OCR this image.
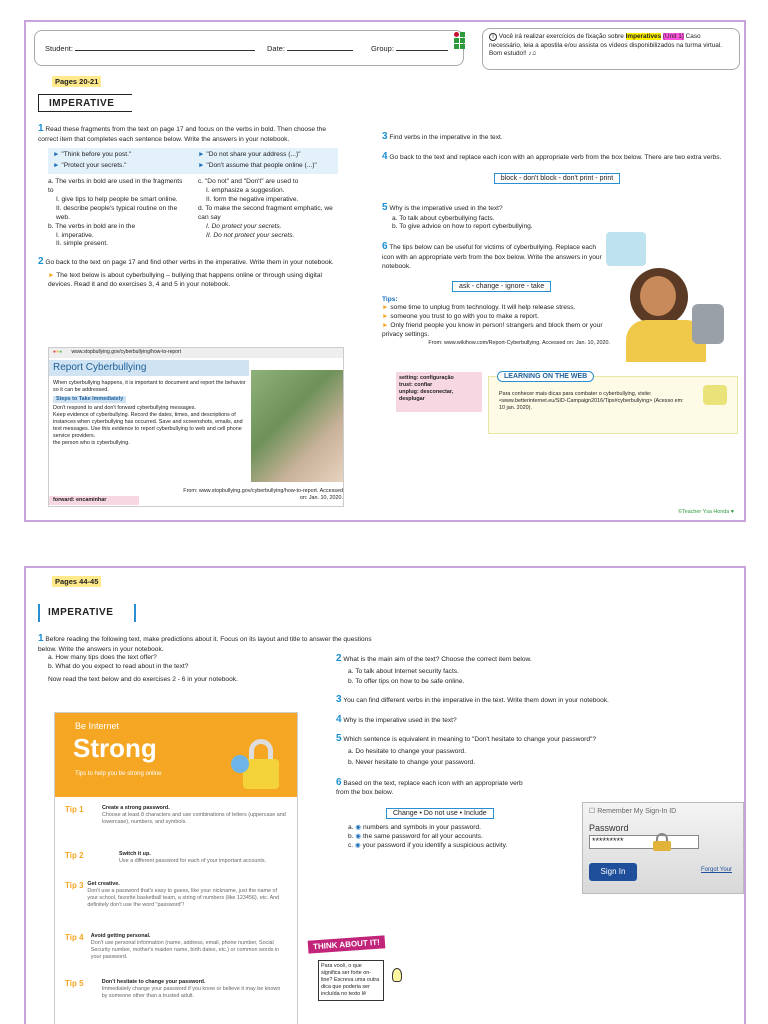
Student:	Date:	Group:
i Você irá realizar exercícios de fixação sobre Imperatives (Unit 1) Caso necessário, leia a apostila e/ou assista os vídeos disponibilizados na turma virtual. Bom estudo!! ♪♫
Pages 20-21
IMPERATIVE
1 Read these fragments from the text on page 17 and focus on the verbs in bold. Then choose the correct item that completes each sentence below. Write the answers in your notebook.
► "Think before you post."	► "Do not share your address (...)"
► "Protect your secrets."	► "Don't assume that people online (...)"
a. The verbs in bold are used in the fragments to
I. give tips to help people be smart online.
II. describe people's typical routine on the web.
b. The verbs in bold are in the
I. imperative.
II. simple present.
c. "Do not" and "Don't" are used to
I. emphasize a suggestion.
II. form the negative imperative.
d. To make the second fragment emphatic, we can say
I. Do protect your secrets.
II. Do not protect your secrets.
2 Go back to the text on page 17 and find other verbs in the imperative. Write them in your notebook.
► The text below is about cyberbullying – bullying that happens online or through using digital devices. Read it and do exercises 3, 4 and 5 in your notebook.
●●● www.stopbullying.gov/cyberbullying/how-to-report
Report Cyberbullying
When cyberbullying happens, it is important to document and report the behavior so it can be addressed.
Steps to Take Immediately
Don't respond to and don't forward cyberbullying messages.
Keep evidence of cyberbullying. Record the dates, times, and descriptions of instances when cyberbullying has occurred. Save and screenshots, emails, and text messages. Use this evidence to report cyberbullying to web and cell phone service providers.
the person who is cyberbullying.
From: www.stopbullying.gov/cyberbullying/how-to-report. Accessed on: Jan. 10, 2020.
forward: encaminhar
3 Find verbs in the imperative in the text.
4 Go back to the text and replace each icon with an appropriate verb from the box below. There are two extra verbs.
block - don't block - don't print - print
5 Why is the imperative used in the text?
a. To talk about cyberbullying facts.
b. To give advice on how to report cyberbullying.
6 The tips below can be useful for victims of cyberbullying. Replace each icon with an appropriate verb from the box below. Write the answers in your notebook.
ask - change - ignore - take
Tips:
► some time to unplug from technology. It will help release stress.
► someone you trust to go with you to make a report.
► Only friend people you know in person! strangers and block them or your privacy settings.
From: www.wikihow.com/Report-Cyberbullying. Accessed on: Jan. 10, 2020.
setting: configuração
trust: confiar
unplug: desconectar, desplugar
LEARNING ON THE WEB
Para conhecer mais dicas para combater o cyberbullying, visite: <www.betterinternet.eu/SID-Campaign2016/Tips#cyberbullying> (Acesso em: 10 jan. 2020).
©Teacher Ysa Honda ♥
Pages 44-45
IMPERATIVE
1 Before reading the following text, make predictions about it. Focus on its layout and title to answer the questions below. Write the answers in your notebook.
a. How many tips does the text offer?
b. What do you expect to read about in the text?
Now read the text below and do exercises 2 - 6 in your notebook.
Be Internet
Strong
Tips to help you be strong online
Tip 1	Create a strong password.
Choose at least 8 characters and use combinations of letters (uppercase and lowercase), numbers, and symbols.
Tip 2	Switch it up.
Use a different password for each of your important accounts.
Tip 3 Get creative.
Don't use a password that's easy to guess, like your nickname, just the name of your school, favorite basketball team, a string of numbers (like 123456), etc. And definitely don't use the word "password"!
Tip 4	Avoid getting personal.
Don't use personal information (name, address, email, phone number, Social Security number, mother's maiden name, birth dates, etc.) or common words in your password.
Tip 5	Don't hesitate to change your password.
Immediately change your password if you know or believe it may be known by someone other than a trusted adult.
THINK ABOUT IT!
Para você, o que significa ser forte on-line? Escreva uma outra dica que poderia ser incluída no texto lê
2 What is the main aim of the text? Choose the correct item below.
a. To talk about Internet security facts.
b. To offer tips on how to be safe online.
3 You can find different verbs in the imperative in the text. Write them down in your notebook.
4 Why is the imperative used in the text?
5 Which sentence is equivalent in meaning to "Don't hesitate to change your password"?
a. Do hesitate to change your password.
b. Never hesitate to change your password.
6 Based on the text, replace each icon with an appropriate verb from the box below.
Change • Do not use • Include
a. ◉ numbers and symbols in your password.
b. ◉ the same password for all your accounts.
c. ◉ your password if you identify a suspicious activity.
☐ Remember My Sign-In ID
Password
*********
Sign In	Forgot Your
